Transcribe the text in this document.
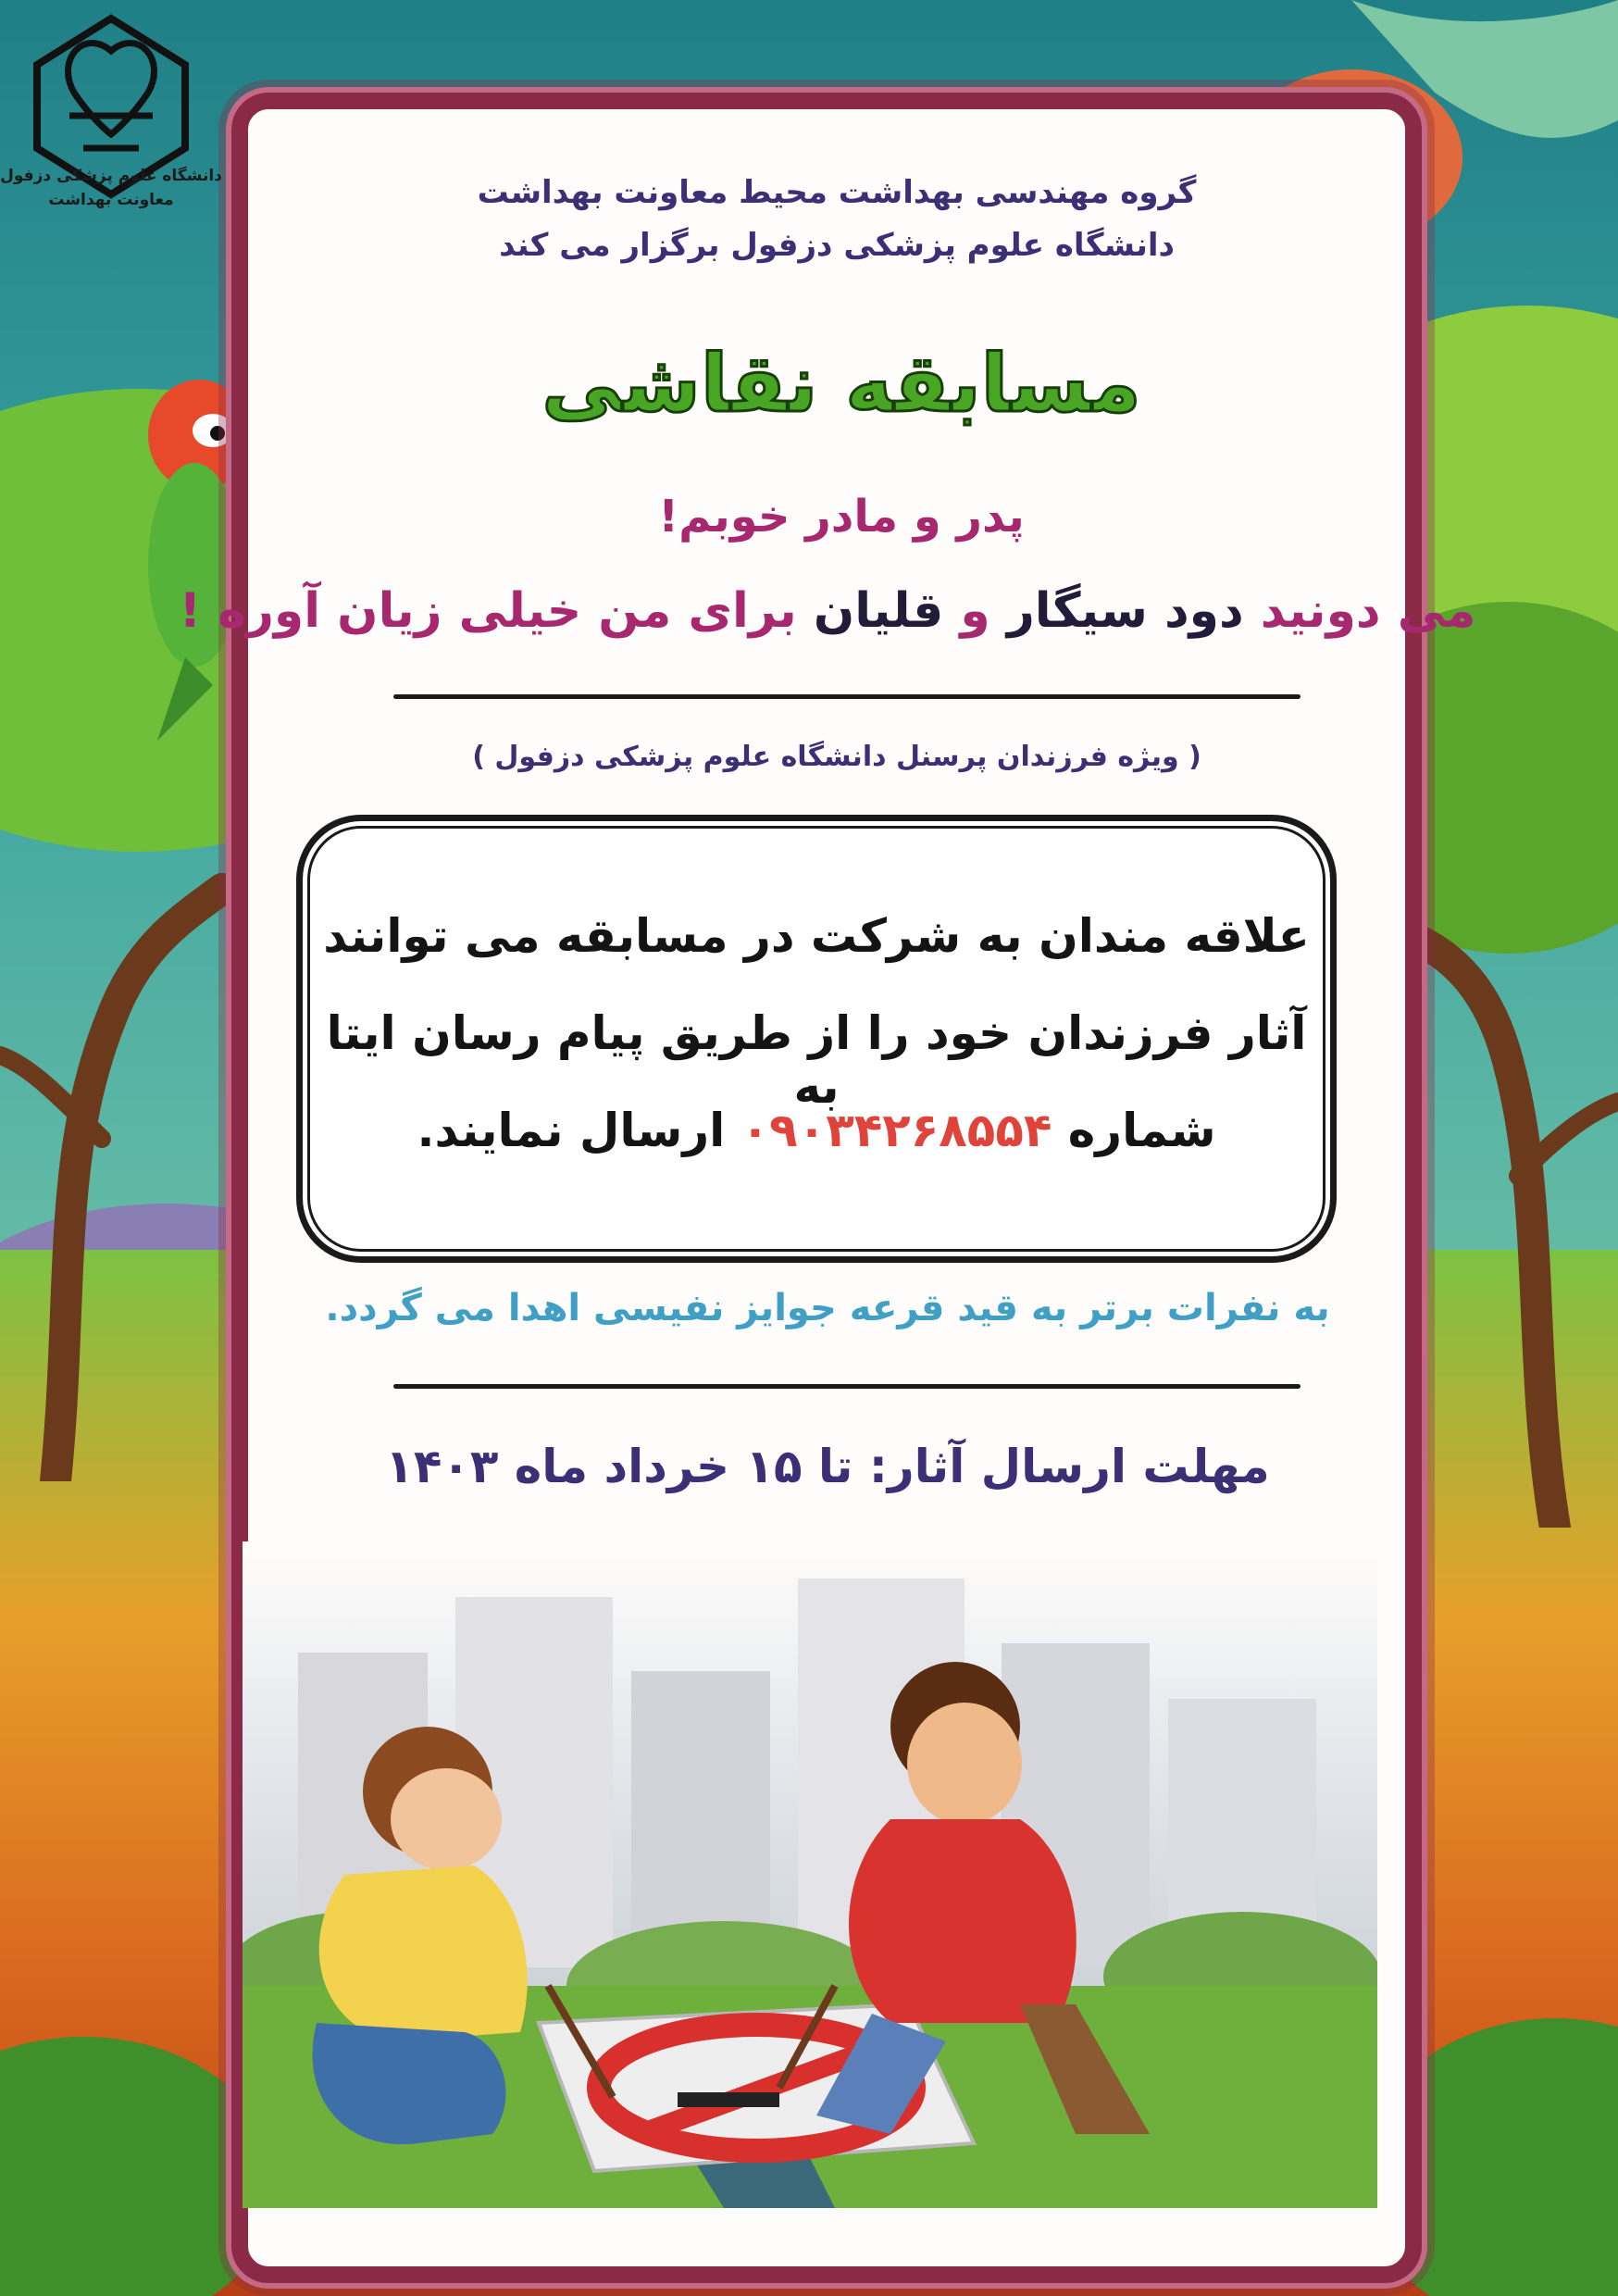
دانشگاه علوم پزشکی دزفول
معاونت بهداشت	گروه مهندسی بهداشت محیط معاونت بهداشت
دانشگاه علوم پزشکی دزفول برگزار می کند
مسابقه نقاشی
پدر و مادر خوبم!
می دونید دود سیگار و قلیان برای من خیلی زیان آوره !
( ویژه فرزندان پرسنل دانشگاه علوم پزشکی دزفول )
علاقه مندان به شرکت در مسابقه می توانند
آثار فرزندان خود را از طریق پیام رسان ایتا به
شماره ۰۹۰۳۴۲۶۸۵۵۴ ارسال نمایند.
به نفرات برتر به قید قرعه جوایز نفیسی اهدا می گردد.
مهلت ارسال آثار: تا ۱۵ خرداد ماه ۱۴۰۳
